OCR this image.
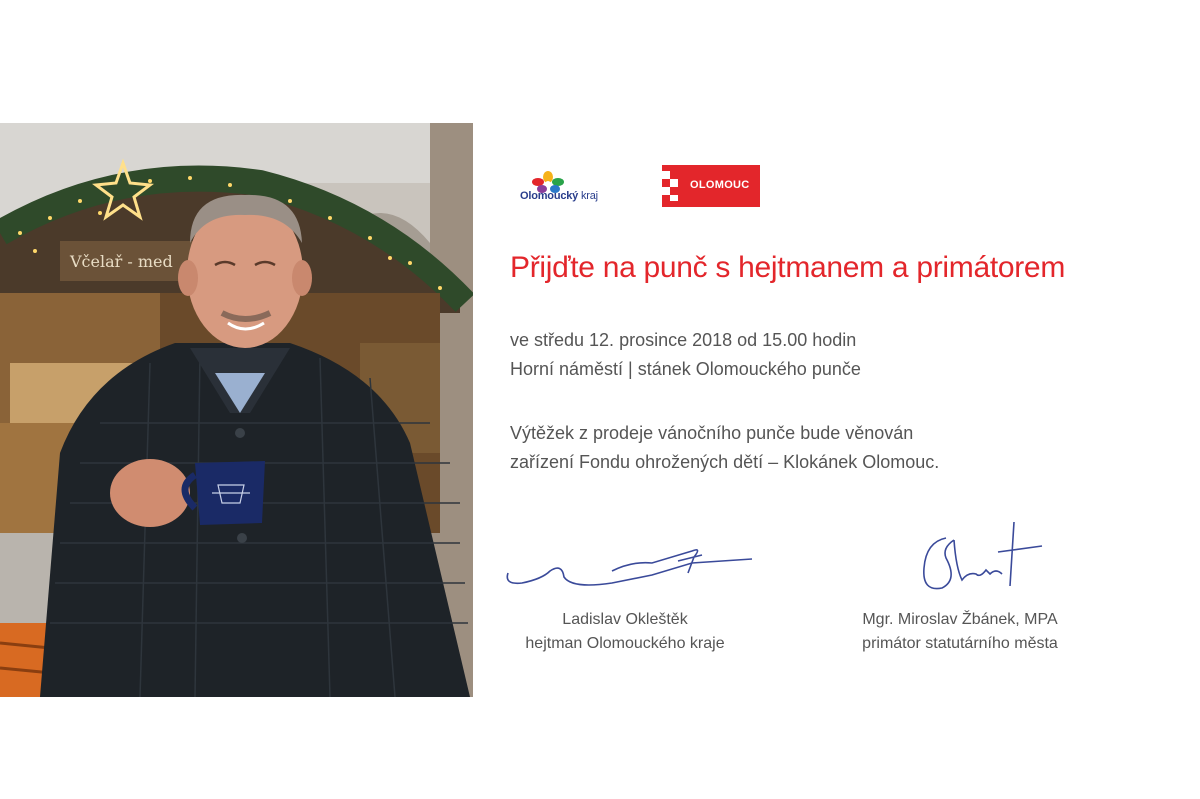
Včelař - med
Olomoucký kraj
OLOMOUC
Přijďte na punč s hejtmanem a primátorem
ve středu 12. prosince 2018 od 15.00 hodin
Horní náměstí | stánek Olomouckého punče
Výtěžek z prodeje vánočního punče bude věnován
zařízení Fondu ohrožených dětí – Klokánek Olomouc.
Ladislav Okleštěk
hejtman Olomouckého kraje
Mgr. Miroslav Žbánek, MPA
primátor statutárního města
